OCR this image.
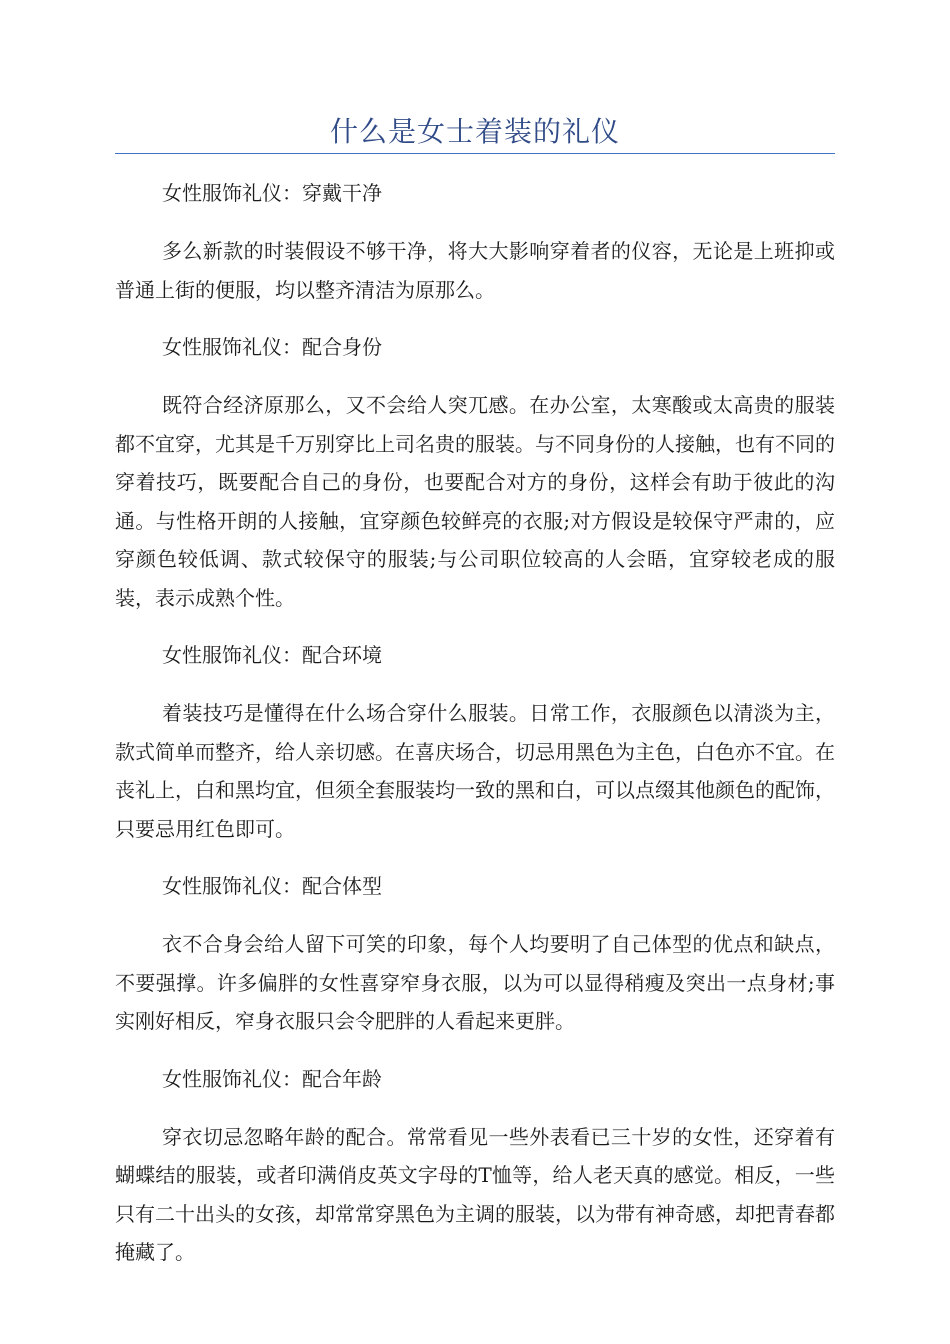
什么是女士着装的礼仪

女性服饰礼仪：穿戴干净

多么新款的时装假设不够干净，将大大影响穿着者的仪容，无论是上班抑或普通上街的便服，均以整齐清洁为原那么。

女性服饰礼仪：配合身份

既符合经济原那么，又不会给人突兀感。在办公室，太寒酸或太高贵的服装都不宜穿，尤其是千万别穿比上司名贵的服装。与不同身份的人接触，也有不同的穿着技巧，既要配合自己的身份，也要配合对方的身份，这样会有助于彼此的沟通。与性格开朗的人接触，宜穿颜色较鲜亮的衣服;对方假设是较保守严肃的，应穿颜色较低调、款式较保守的服装;与公司职位较高的人会晤，宜穿较老成的服装，表示成熟个性。

女性服饰礼仪：配合环境

着装技巧是懂得在什么场合穿什么服装。日常工作，衣服颜色以清淡为主，款式简单而整齐，给人亲切感。在喜庆场合，切忌用黑色为主色，白色亦不宜。在丧礼上，白和黑均宜，但须全套服装均一致的黑和白，可以点缀其他颜色的配饰，只要忌用红色即可。

女性服饰礼仪：配合体型

衣不合身会给人留下可笑的印象，每个人均要明了自己体型的优点和缺点，不要强撑。许多偏胖的女性喜穿窄身衣服，以为可以显得稍瘦及突出一点身材;事实刚好相反，窄身衣服只会令肥胖的人看起来更胖。

女性服饰礼仪：配合年龄

穿衣切忌忽略年龄的配合。常常看见一些外表看已三十岁的女性，还穿着有蝴蝶结的服装，或者印满俏皮英文字母的T恤等，给人老天真的感觉。相反，一些只有二十出头的女孩，却常常穿黑色为主调的服装，以为带有神奇感，却把青春都掩藏了。
